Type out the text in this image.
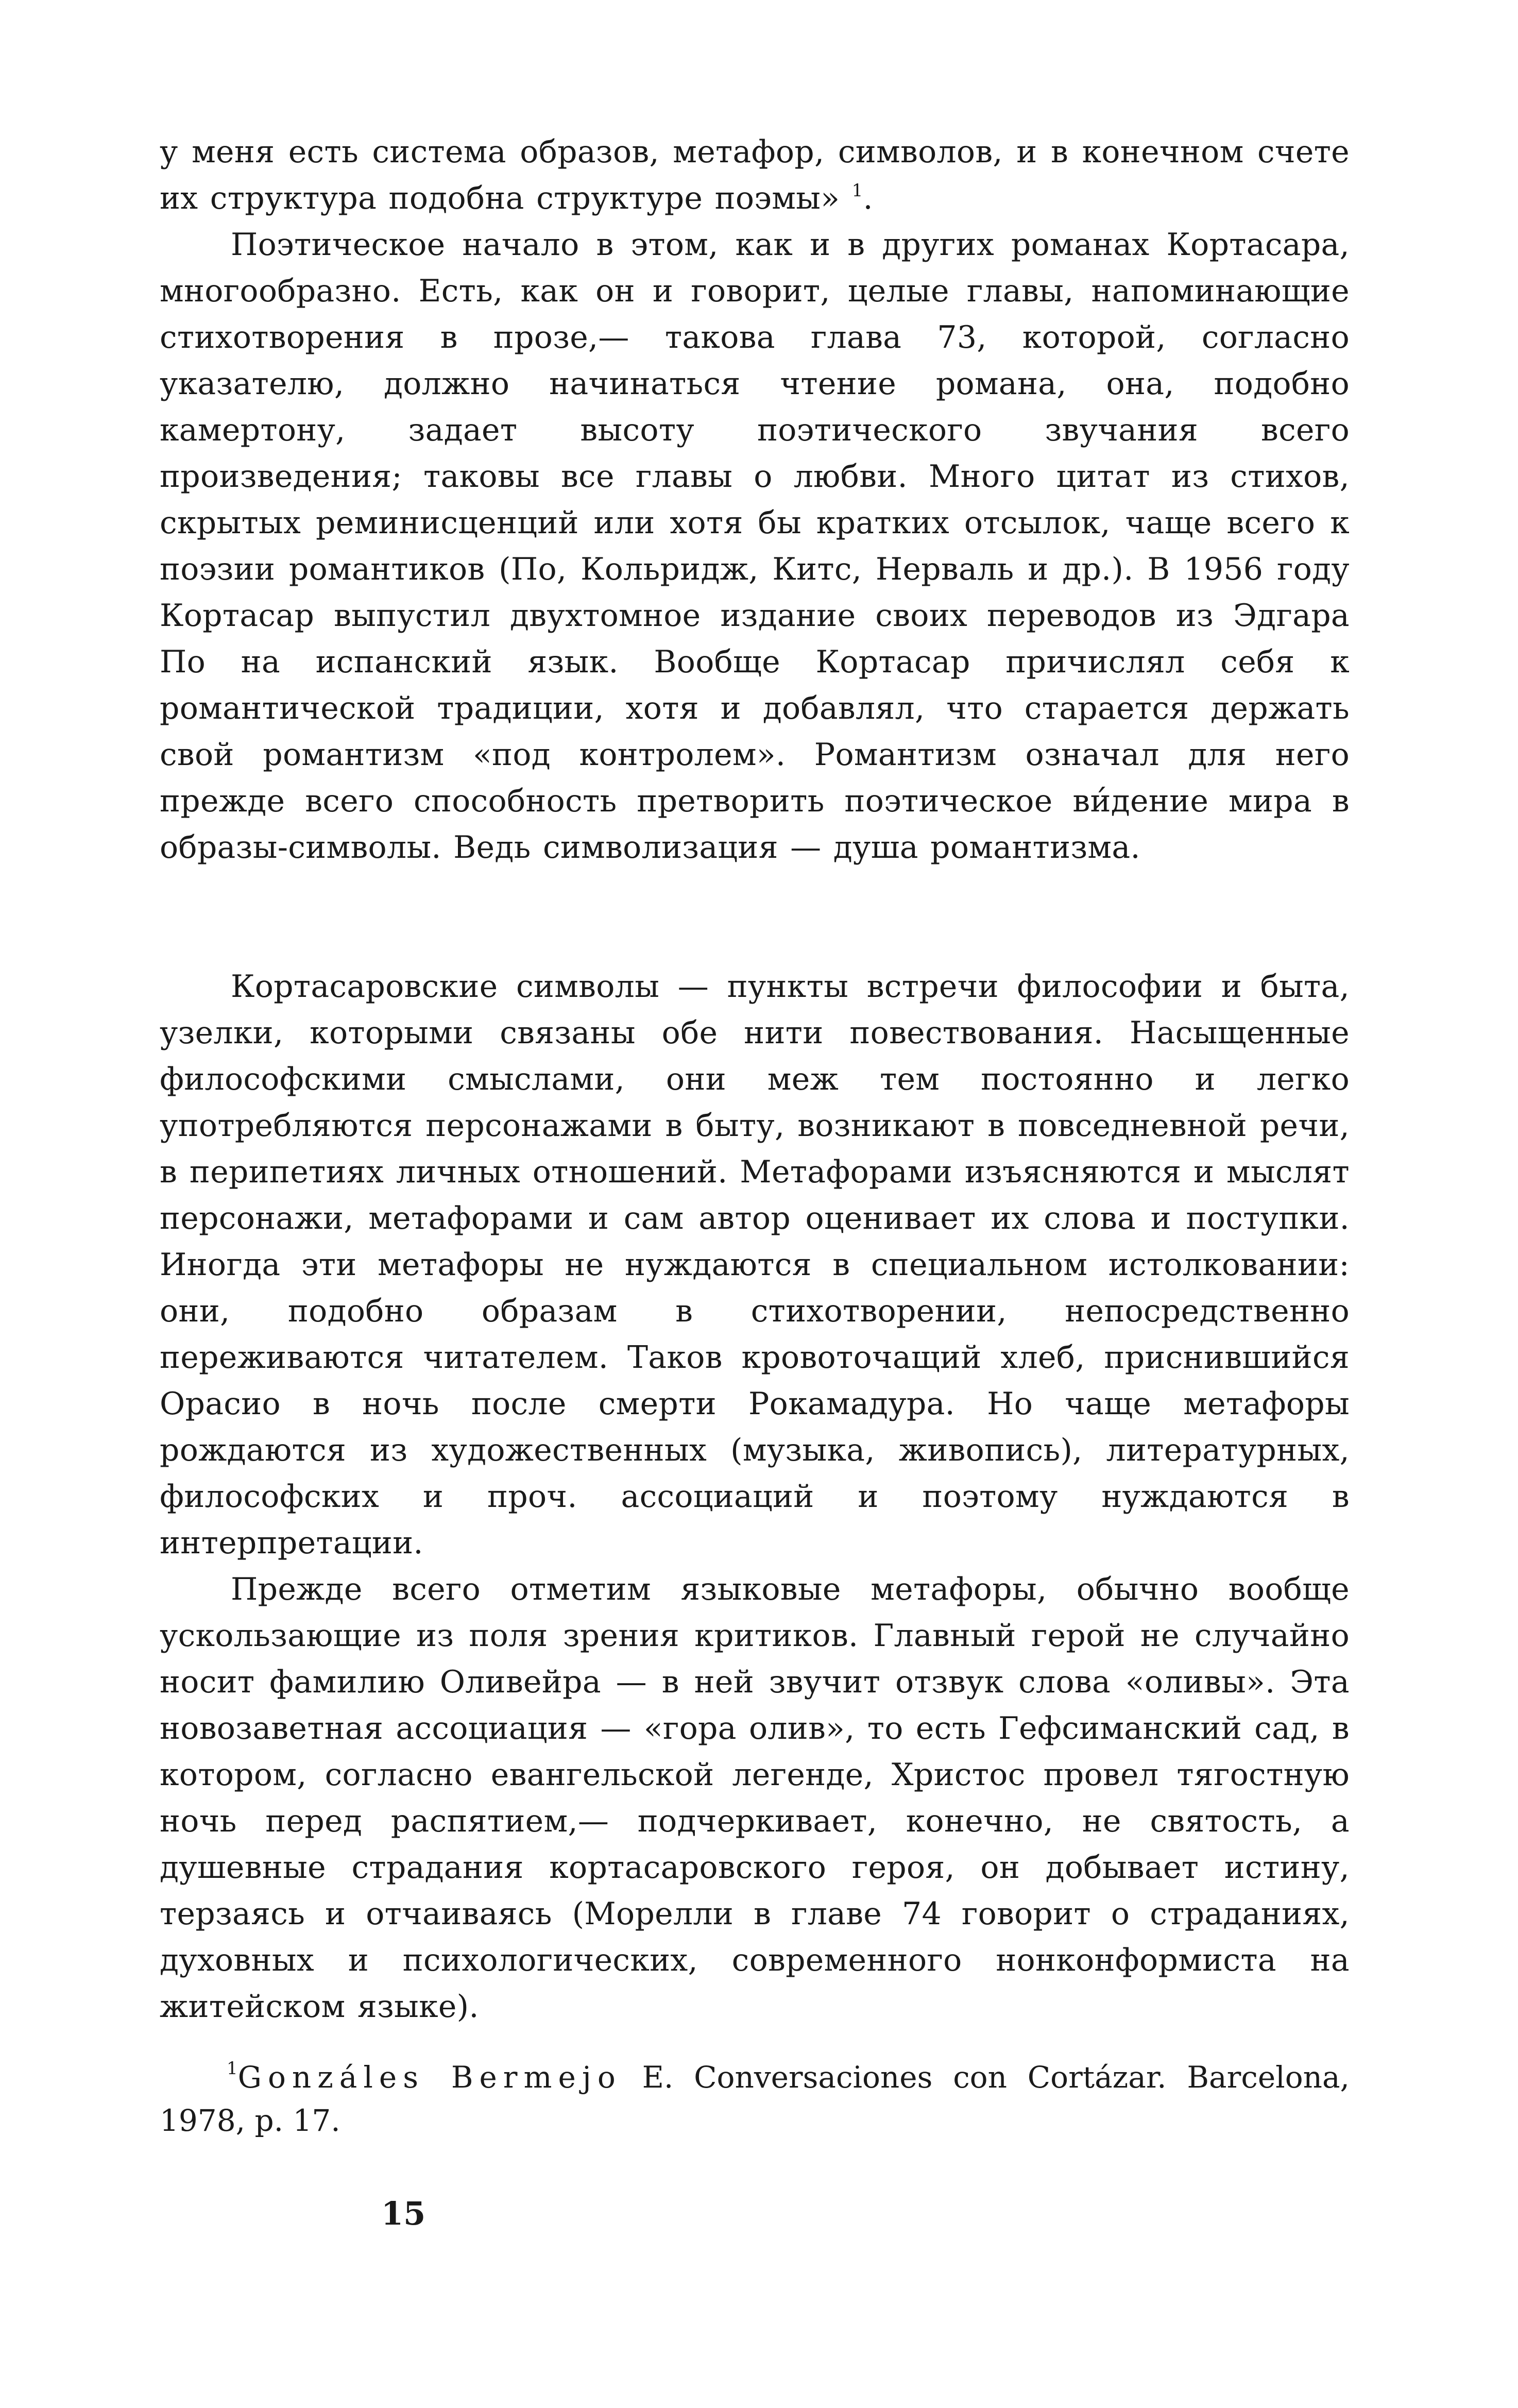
у меня есть система образов, метафор, символов, и в конечном счете их структура подобна структуре поэмы» $^1$.

Поэтическое начало в этом, как и в других романах Кортасара, многообразно. Есть, как он и говорит, целые главы, напоминающие стихотворения в прозе,— такова глава 73, которой, согласно указателю, должно начинаться чтение романа, она, подобно камертону, задает высоту поэтического звучания всего произведения; таковы все главы о любви. Много цитат из стихов, скрытых реминисценций или хотя бы кратких отсылок, чаще всего к поэзии романтиков (По, Кольридж, Китс, Нерваль и др.). В 1956 году Кортасар выпустил двухтомное издание своих переводов из Эдгара По на испанский язык. Вообще Кортасар причислял себя к романтической традиции, хотя и добавлял, что старается держать свой романтизм «под контролем». Романтизм означал для него прежде всего способность претворить поэтическое ви́дение мира в образы-символы. Ведь символизация — душа романтизма.

Кортасаровские символы — пункты встречи философии и быта, узелки, которыми связаны обе нити повествования. Насыщенные философскими смыслами, они меж тем постоянно и легко употребляются персонажами в быту, возникают в повседневной речи, в перипетиях личных отношений. Метафорами изъясняются и мыслят персонажи, метафорами и сам автор оценивает их слова и поступки. Иногда эти метафоры не нуждаются в специальном истолковании: они, подобно образам в стихотворении, непосредственно переживаются читателем. Таков кровоточащий хлеб, приснившийся Орасио в ночь после смерти Рокамадура. Но чаще метафоры рождаются из художественных (музыка, живопись), литературных, философских и проч. ассоциаций и поэтому нуждаются в интерпретации.

Прежде всего отметим языковые метафоры, обычно вообще ускользающие из поля зрения критиков. Главный герой не случайно носит фамилию Оливейра — в ней звучит отзвук слова «оливы». Эта новозаветная ассоциация — «гора олив», то есть Гефсиманский сад, в котором, согласно евангельской легенде, Христос провел тягостную ночь перед распятием,— подчеркивает, конечно, не святость, а душевные страдания кортасаровского героя, он добывает истину, терзаясь и отчаиваясь (Морелли в главе 74 говорит о страданиях, духовных и психологических, современного нонконформиста на житейском языке).

$^1$Gonzáles Bermejo E. Conversaciones con Cortázar. Barcelona, 1978, p. 17.
15
